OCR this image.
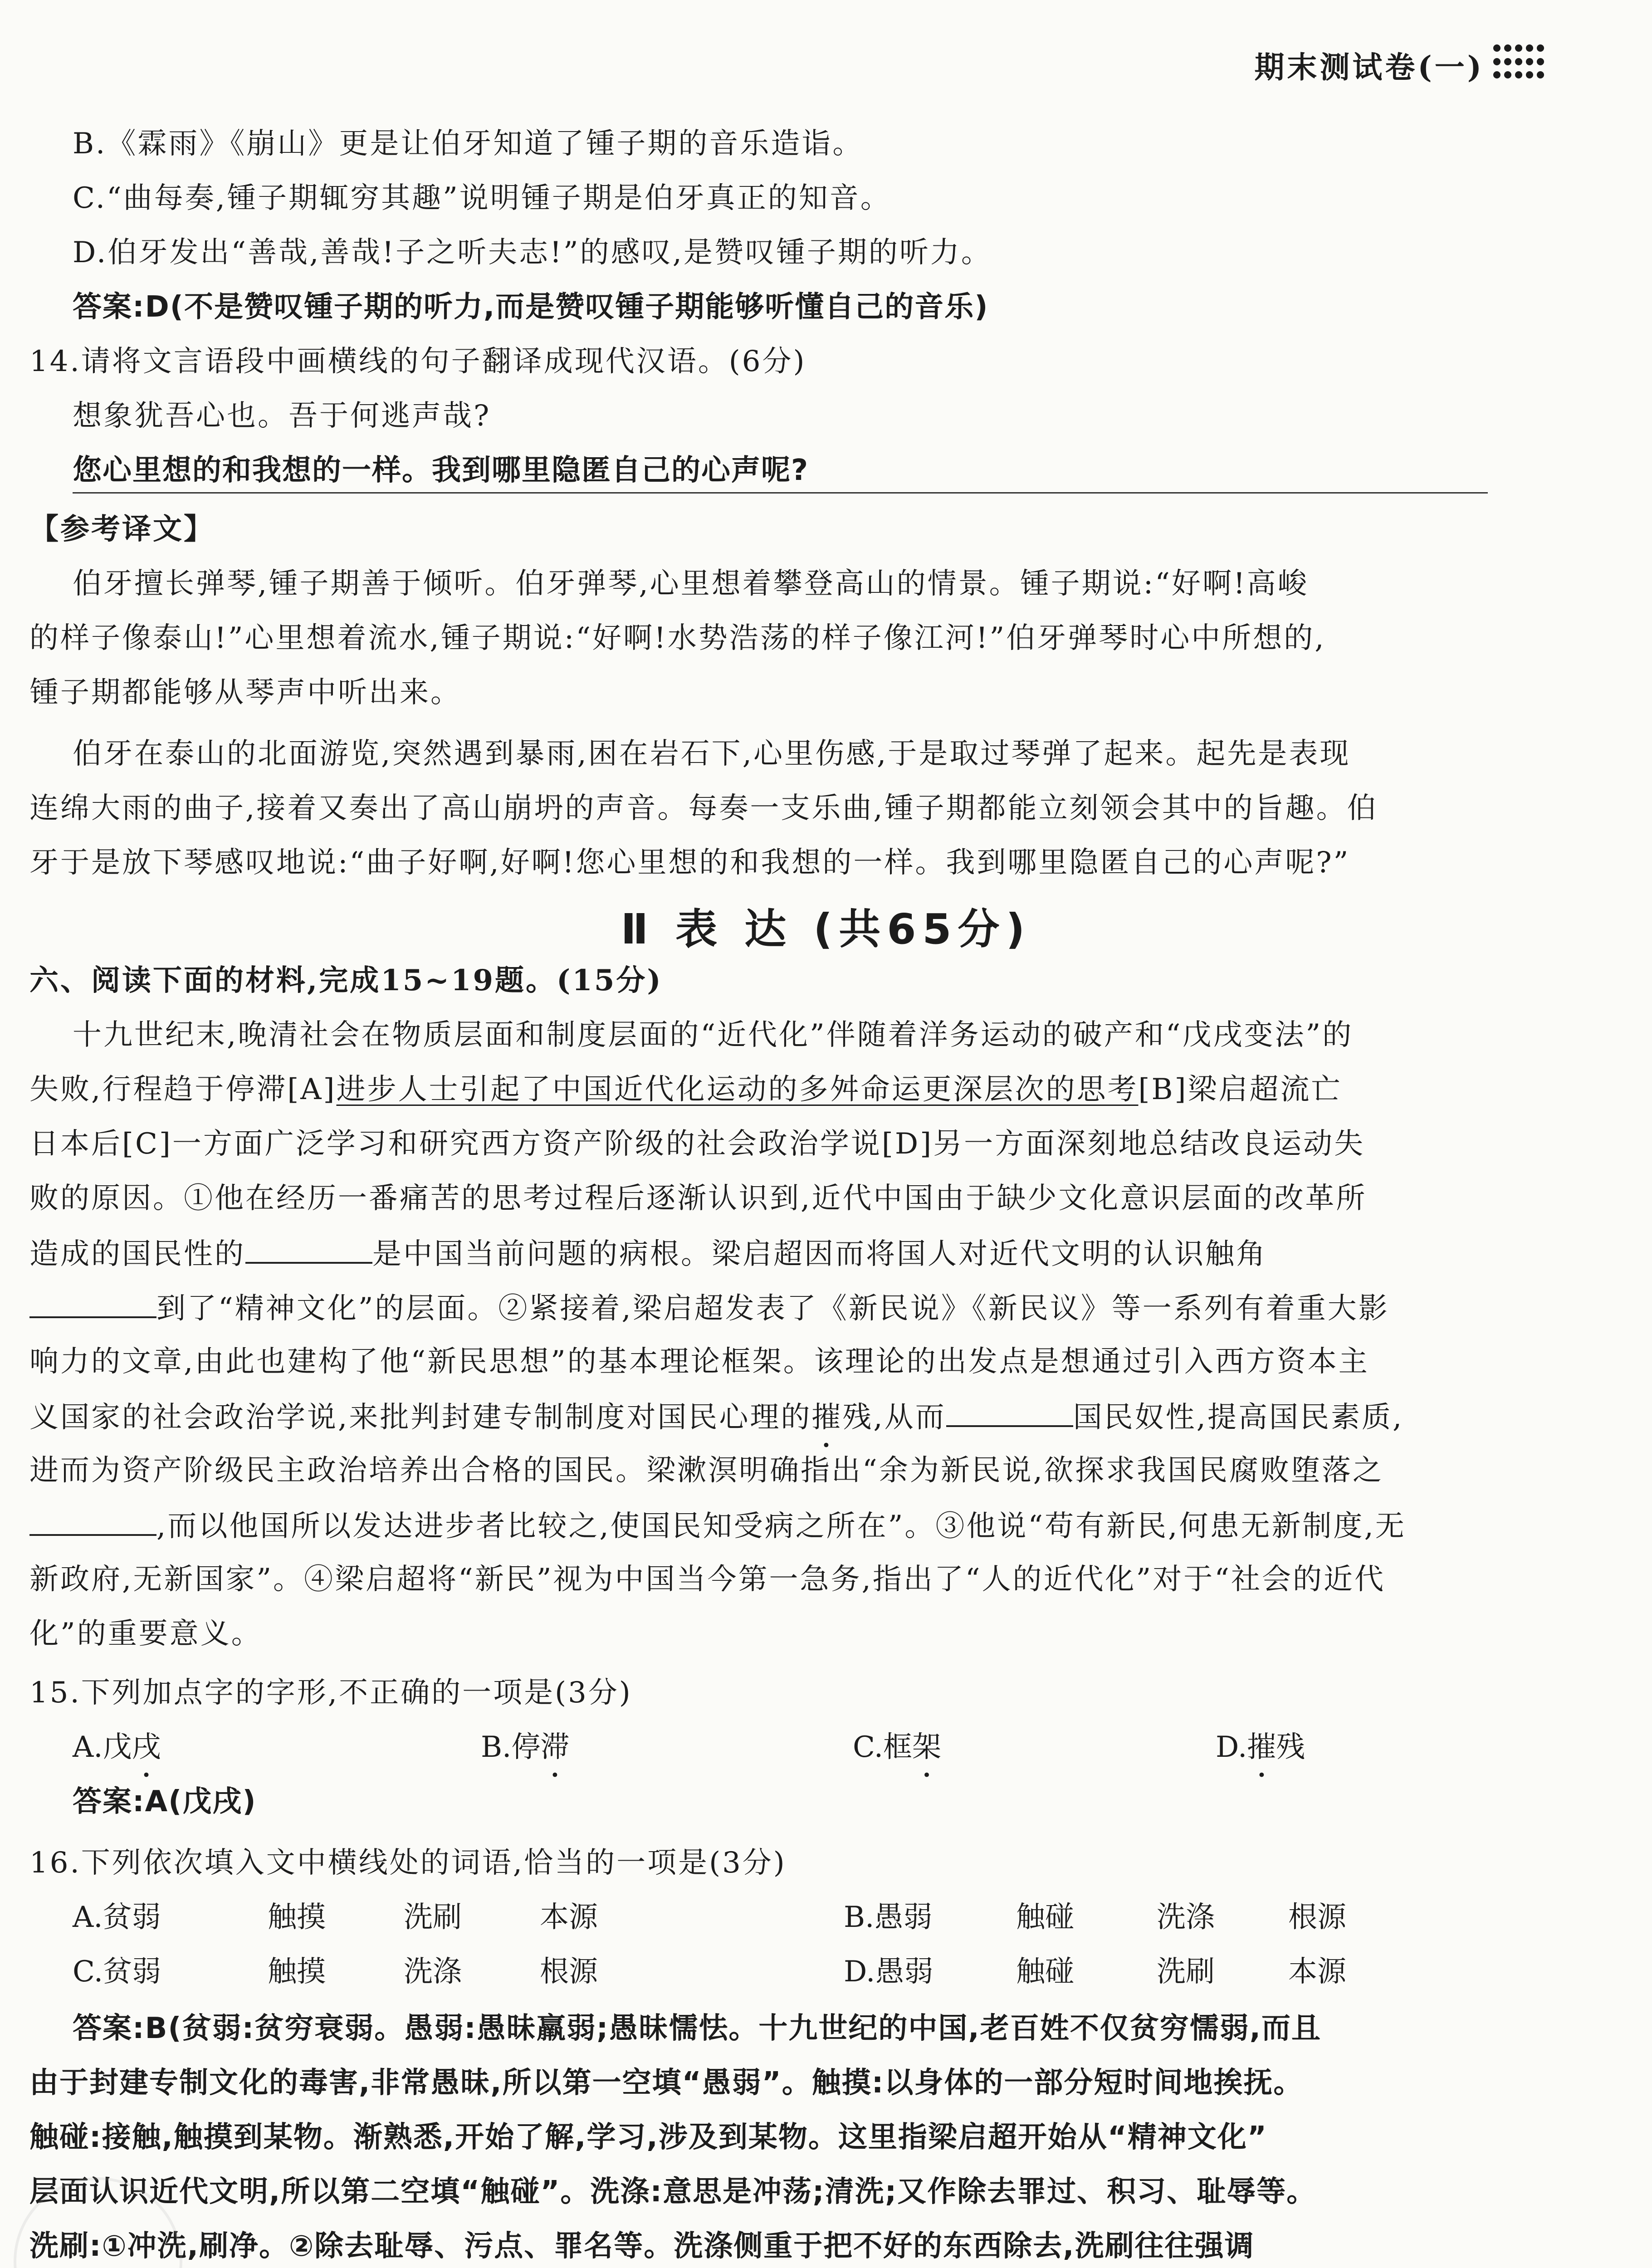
期末测试卷(一)
B.《霖雨》《崩山》更是让伯牙知道了锺子期的音乐造诣。
C.“曲每奏,锺子期辄穷其趣”说明锺子期是伯牙真正的知音。
D.伯牙发出“善哉,善哉!子之听夫志!”的感叹,是赞叹锺子期的听力。
答案:D(不是赞叹锺子期的听力,而是赞叹锺子期能够听懂自己的音乐)
14.请将文言语段中画横线的句子翻译成现代汉语。(6分)
想象犹吾心也。吾于何逃声哉?
您心里想的和我想的一样。我到哪里隐匿自己的心声呢?
【参考译文】
伯牙擅长弹琴,锺子期善于倾听。伯牙弹琴,心里想着攀登高山的情景。锺子期说:“好啊!高峻
的样子像泰山!”心里想着流水,锺子期说:“好啊!水势浩荡的样子像江河!”伯牙弹琴时心中所想的,
锺子期都能够从琴声中听出来。
伯牙在泰山的北面游览,突然遇到暴雨,困在岩石下,心里伤感,于是取过琴弹了起来。起先是表现
连绵大雨的曲子,接着又奏出了高山崩坍的声音。每奏一支乐曲,锺子期都能立刻领会其中的旨趣。伯
牙于是放下琴感叹地说:“曲子好啊,好啊!您心里想的和我想的一样。我到哪里隐匿自己的心声呢?”
Ⅱ 表 达 (共65分)
六、阅读下面的材料,完成15~19题。(15分)
十九世纪末,晚清社会在物质层面和制度层面的“近代化”伴随着洋务运动的破产和“戊戌变法”的
失败,行程趋于停滞[A]进步人士引起了中国近代化运动的多舛命运更深层次的思考[B]梁启超流亡
日本后[C]一方面广泛学习和研究西方资产阶级的社会政治学说[D]另一方面深刻地总结改良运动失
败的原因。①他在经历一番痛苦的思考过程后逐渐认识到,近代中国由于缺少文化意识层面的改革所
造成的国民性的	是中国当前问题的病根。梁启超因而将国人对近代文明的认识触角
到了“精神文化”的层面。②紧接着,梁启超发表了《新民说》《新民议》等一系列有着重大影
响力的文章,由此也建构了他“新民思想”的基本理论框架。该理论的出发点是想通过引入西方资本主
义国家的社会政治学说,来批判封建专制制度对国民心理的摧残,从而	国民奴性,提高国民素质,
进而为资产阶级民主政治培养出合格的国民。梁漱溟明确指出“余为新民说,欲探求我国民腐败堕落之
,而以他国所以发达进步者比较之,使国民知受病之所在”。③他说“苟有新民,何患无新制度,无
新政府,无新国家”。④梁启超将“新民”视为中国当今第一急务,指出了“人的近代化”对于“社会的近代
化”的重要意义。
15.下列加点字的字形,不正确的一项是(3分)
A.戊戌	B.停滞	C.框架	D.摧残
答案:A(戊戌)
16.下列依次填入文中横线处的词语,恰当的一项是(3分)
A.贫弱	触摸	洗刷	本源	B.愚弱	触碰	洗涤	根源
C.贫弱	触摸	洗涤	根源	D.愚弱	触碰	洗刷	本源
答案:B(贫弱:贫穷衰弱。愚弱:愚昧羸弱;愚昧懦怯。十九世纪的中国,老百姓不仅贫穷懦弱,而且
由于封建专制文化的毒害,非常愚昧,所以第一空填“愚弱”。触摸:以身体的一部分短时间地挨抚。
触碰:接触,触摸到某物。渐熟悉,开始了解,学习,涉及到某物。这里指梁启超开始从“精神文化”
层面认识近代文明,所以第二空填“触碰”。洗涤:意思是冲荡;清洗;又作除去罪过、积习、耻辱等。
洗刷:①冲洗,刷净。②除去耻辱、污点、罪名等。洗涤侧重于把不好的东西除去,洗刷往往强调
